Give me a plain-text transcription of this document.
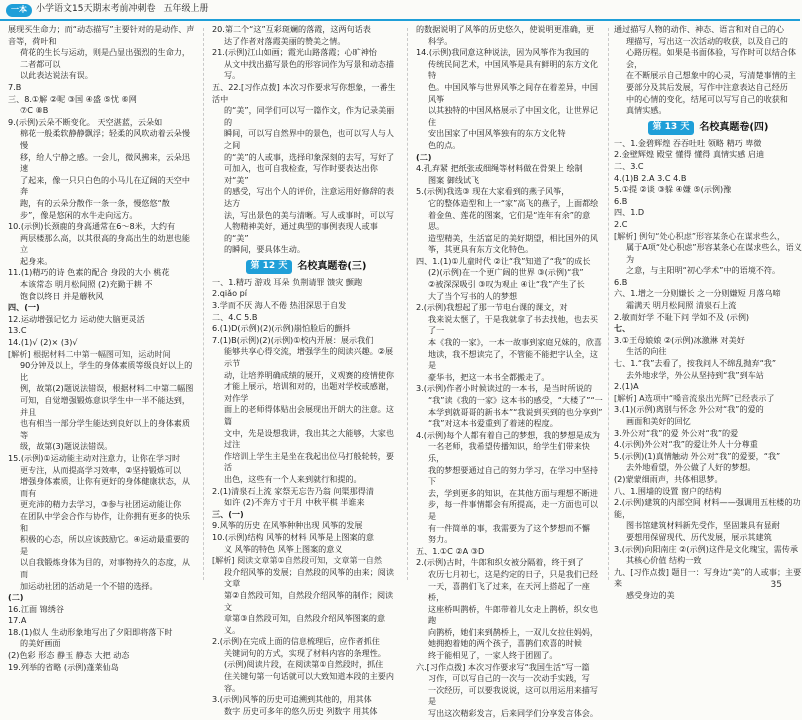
一本	小学语文15天期末考前冲刺卷 五年级上册

展现买生命力；而“动态描写”主要针对的是动作、声音等，荷叶和

荷花的生长与运动，则是凸显出强烈的生命力，二者都可以

以此表达说法有误。

7.B

三、8.①解 ②呢 ③国 ④盛 ⑤忧 ⑥网

⑦C ⑧B

9.(示例)云朵不断变化。 天空湛蓝，云朵如

棉花一般柔软静静飘浮；轻柔的风吹动着云朵慢慢

移，给人宁静之感。一会儿，微风拂来，云朵迅速

了起来，像一只只白色的小马儿在辽阔的天空中奔

跑，有的云朵分散作一条一条，慢悠悠“散

步”，像是悠闲的水牛走向远方。

10.(示例)长颈鹿的身高通常在6～8米，大约有

两层楼那么高，以其很高的身高出生的幼崽也能立

起身来。

11.(1)精巧的诗 色素的配合 身段的大小 桃花

本该常态 明月松间照 (2)充勤于耕 不

饱食以终日 并是蘑秋风

四、(一)

12.运动增强记忆力 运动使大脑更灵活

13.C

14.(1)√ (2)× (3)√

[解析] 根据材料二中第一幅图可知，运动时间

90分钟及以上，学生的身体素质等级良好以上的比

例，故第(2)题说法错误，根据材料二中第二幅图

可知，自觉增强锻炼意识学生中一半不能达到，并且

也有相当一部分学生能达到良好以上的身体素质等

级，故第(3)题说法错误。

15.(示例)①运动能主动对注意力，让你在学习时

更专注，从而提高学习效率，②坚持锻炼可以

增强身体素质，让你有更好的身体健康状态，从而有

更充沛的精力去学习，③参与社团运动能让你

在团队中学会合作与协作，让你拥有更多的快乐和

积极的心态，所以应该鼓励它。④运动最重要的是

以自我锻炼身体为目的，对事物持久的态度，从而

加运动社团的活动是一个不错的选择。

(二)

16.江面 锦绣谷

17.A

18.(1)似人 生动形象地写出了夕阳即将落下时

的美好画面

(2)色彩 形态 静玉 静态 大把 动态

19.列举的省略 (示例)蓬莱仙岛

20.第二个“这”互彩斑斓的落霞，这两句话表

达了作者对落霞美丽的赞美之情。

21.(示例)江山如画；霞光山路落霞；心旷神怡

从文中找出描写景色的形容词作为写景和动态描写。

五、22.[习作点拨] 本次习作要求写你想象，一番生活中

的“美”，同学们可以写一篇作文，作为记录美丽的

瞬间，可以写自然界中的景色，也可以写人与人之间

的“美”的人或事，选择印象深刻的去写，写好了

可加入，也可自我检查，写作时要表达出你对“美”

的感受，写出个人的评价，注意运用好修辞的表达方

法，写出景色的美与清晰。写人或事时，可以写

人物精神美好，通过典型的事例表现人或事的“美”

的瞬间，要具体生动。

第 12 天	名校真题卷(三)

一、1.精巧 游戏 耳朵 负荆请罪 馈灾 颤跑

2.qiǎo pí

3.学而不厌 海人不倦 热泪深思于自发

二、4.C 5.B

6.(1)D(示例)(2)(示例)崩怕脸后的颤抖

7.(1)B(示例)(2)(示例)①校内开展：展示我们

能够共享心得交流，增强学生的阅读兴趣。②展示节

动，让培养明确成绩的展开，义观赛的疫情使你

才能上展示，培训和对的，出题对学校或感谢，对作学

面上的老师得体贴出会展现出开朗大的注意。这篇

文中，先是设想我讲，我出其之大能够，大家也过注

作培训上学生主是坐在我起出位马打般轮转，要活

出色，这些有一个人来到就行和提的。

2.(1)清泉石上流 家祭无忘告乃翁 问渠那得清

如许 (2)不奔方寸于月 中秋平棋 半谁来

三、(一)

9.风筝的历史 在风筝种种出现 风筝的发展

10.(示例)结构 风筝的材料 风筝是上图案的意

义 风筝的特色 风筝上图案的意义

[解析] 阅读文章第①自然段可知，文章第一自然

段介绍风筝的发展；自然段的风筝的由来；阅读文章

第②自然段可知，自然段介绍风筝的制作；阅读文

章第③自然段可知，自然段介绍风筝图案的意义。

2.(示例)在完成上面的信息梳理后，应作者抓住

关键词句的方式，实现了材料内容的条理性。

(示例)阅读片段，在阅读第①自然段时，抓住

住关键句第一句话就可以大致知道本段的主要内容。

3.(示例)风筝的历史可追溯到其他的，用其体

数字 历史可多年的悠久历史 列数字 用其体

的数据说明了风筝的历史悠久，使说明更准确，更

科学。

14.(示例)我同意这种说法，因为风筝作为我国的

传统民间艺术，中国风筝是具有鲜明的东方文化特

色。中国风筝与世界风筝之间存在着差异，中国风筝

以其独特的中国风格展示了中国文化，让世界记住

安出国家了中国风筝独有的东方文化特

色的点。

(二)

4.孔弃紧 把纸张或细绳等材料做在骨架上 绘制

图案 御线试飞

5.(示例)我选③ 现在大家看到的燕子风筝，

它的整体造型和上一“家”高飞的燕子，上面都绘

着金鱼、莲花的图案，它们是“连年有余”的意思。

造型精美，生活富足的美好期望，相比国外的风

筝，其更具有东方文化特色。

四、1.(1)①儿童时代 ②让“我”知道了“我”的成长

(2)(示例)在一个更广阔的世界 ③(示例)“我”

②被深深吸引 ③叹为观止 ④让“我”产生了长

大了当个写书的人的梦想

2.(示例)我想起了那一节电台课的课文，对

我来说太惬了，于是我就拿了书去找他，也去买了一

本《我的一家》，一本一故事到家庭兄妹的，欣喜

地读，我不想读完了，不管能不能把字认全，这是

豪华书，把这一本书全都搬走了。

3.(示例)作者小时候读过的一本书，是当时所说的

“我”读《我的一家》这本书的感受，“大楼了”“一

本学到就哥哥的新书本”“我说到买到的也分享到”

“我”对这本书爱重到了着迷的程度。

4.(示例)每个人都有着自己的梦想，我的梦想是成为

一名老师，我希望传播知识，给学生们带来快乐，

我的梦想要通过自己的努力学习，在学习中坚持下

去，学到更多的知识，在其他方面与理想不断进

步，每一件事情都会有所提高，走一方面也可以是

有一件简单的事，我需要为了这个梦想而不懈

努力。

五、1.①C ②A ③D

2.(示例)古时，牛郎和织女被分隔着，终于到了

农历七月初七，这是约定的日子，只是我们已经

一天，喜鹊们飞了过来，在天河上搭起了一座桥，

这座桥叫鹊桥，牛郎带着儿女走上鹊桥，织女也跑

向鹊桥，她们来到鹊桥上，一双儿女拉住妈妈，

她拥抱着她的两个孩子，喜鹊们欢喜的时候

终于能相见了，一家人终于团圆了。

六.[习作点拨] 本次习作要求写“我国生活”写一篇

习作，可以写自己的一次与一次动手实践，写

一次经历，可以要我说说，这可以用运用来描写是

写出这次精彩发言，后来同学们分享发言体会。

通过描写人物的动作、神态、语言和对自己的心

理描写，写出这一次活动的收获，以及自己的

心路历程。如果是书面体验，写作时可以结合体会，

在不断展示自己想象中的心灵，写清楚事情的主

要部分及其后发展，写作中注意表达自己经历

中的心情的变化，结尾可以写写自己的收获和

真情实感。

第 13 天	名校真题卷(四)

一、1.金碧辉煌 吞吞吐吐 领略 精巧 卑微

2.金壁辉煌 殿堂 懂得 懂得 真情实感 启迪

二、3.C

4.(1)B 2.A 3.C 4.B

5.①提 ②谈 ③躲 ④嫌 ⑤(示例)豫

6.B

四、1.D

2.C

[解析] 例句“处心积虑”形容某条心在谋求些么，

属于A项“处心积虑”形容某条心在谋求些么，语义为

之意，与主阳明“初心学术”中的语境不符。

6.B

六、1.增之一分则嫌长 之一分则嫌短 月落乌啼

霜满天 明月松间照 清泉石上流

2.敏而好学 不耻下问 学如不及 (示例)

七、

3.①王母娘娘 ②(示例)冰激淋 对美好

生活的向往

七、1.“我”去看了，按我问人不绵乱抛弃“我”

去外地求学，外公从坚持到“我”到车站

2.(1)A

[解析] A选项中“嗓音流泉出光辉”已经表示了

3.(1)(示例)离别与怀念 外公对“我”的爱的

画面和美好的回忆

3.外公对“我”的爱 外公对“我”的爱

4.(示例)外公对“我”的爱让外人十分尊重

5.(示例)(1)真情触动 外公对“我”的爱要，“我”

去外地看望，外公做了人好的梦想。

(2)蒙蒙细雨声，共体相思梦。

八、1.围墙的设置 窗户的结构

2.(示例)建筑的内部空间 材料——强调用五柱楼的功能，

图书馆建筑材料新先受作，坚固兼具有显耐

要想用保留现代、历代发展，展示其建筑

3.(示例)向阳南庄 ②(示例)这件是文化瑰宝，需传承

其核心价值 结构一致

九、[习作点拨] 题目一：写身边“美”的人或事；主要来

感受身边的美

35
